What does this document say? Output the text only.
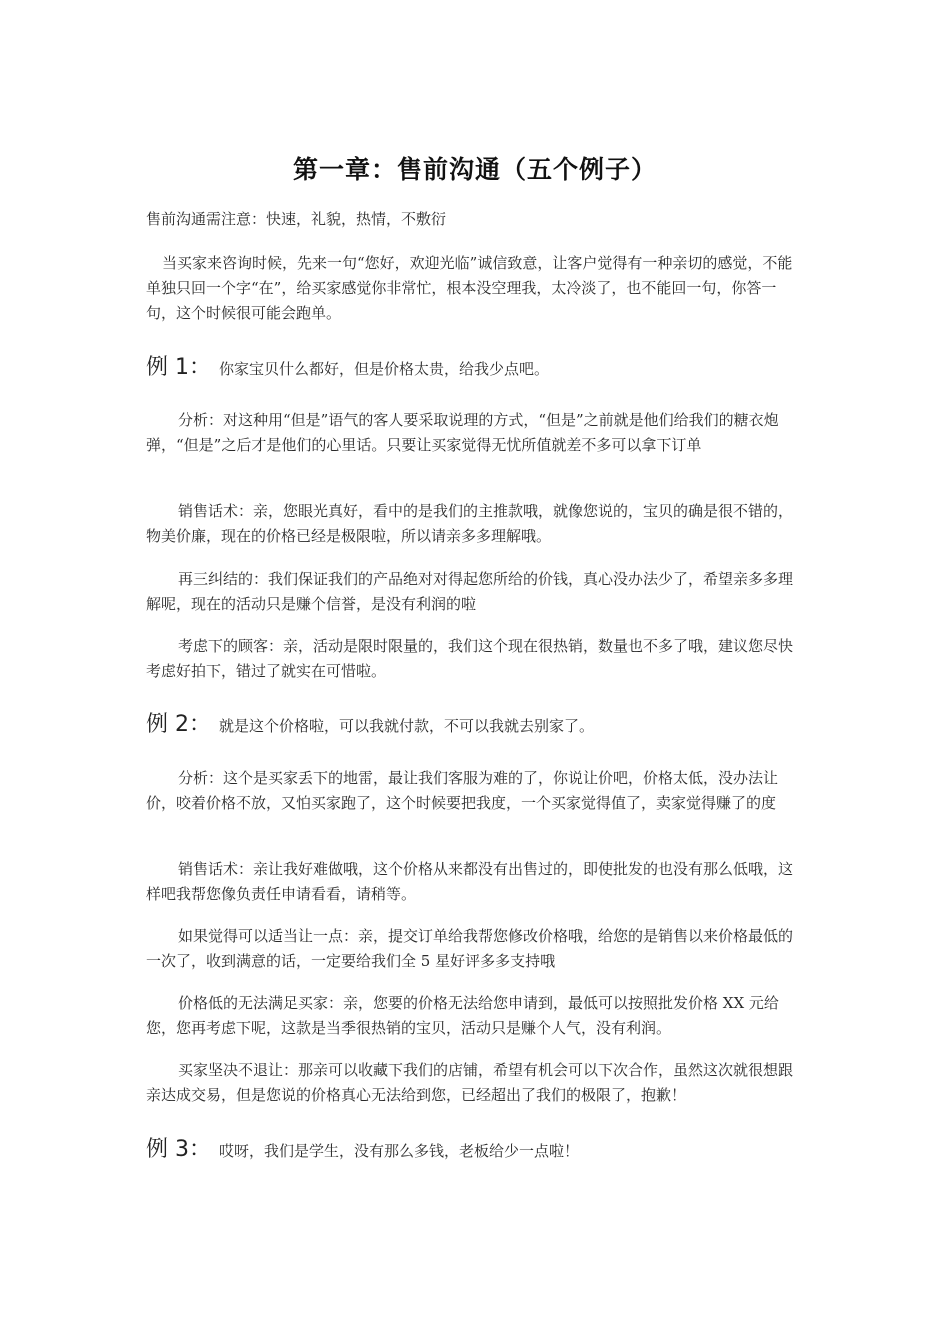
第一章：售前沟通（五个例子）
售前沟通需注意：快速，礼貌，热情，不敷衍
当买家来咨询时候，先来一句“您好，欢迎光临”诚信致意，让客户觉得有一种亲切的感觉，不能单独只回一个字“在”，给买家感觉你非常忙，根本没空理我，太冷淡了，也不能回一句，你答一句，这个时候很可能会跑单。
例 1： 你家宝贝什么都好，但是价格太贵，给我少点吧。
分析：对这种用“但是”语气的客人要采取说理的方式，“但是”之前就是他们给我们的糖衣炮弹，“但是”之后才是他们的心里话。只要让买家觉得无忧所值就差不多可以拿下订单
销售话术：亲，您眼光真好，看中的是我们的主推款哦，就像您说的，宝贝的确是很不错的，物美价廉，现在的价格已经是极限啦，所以请亲多多理解哦。
再三纠结的：我们保证我们的产品绝对对得起您所给的价钱，真心没办法少了，希望亲多多理解呢，现在的活动只是赚个信誉，是没有利润的啦
考虑下的顾客：亲，活动是限时限量的，我们这个现在很热销，数量也不多了哦，建议您尽快考虑好拍下，错过了就实在可惜啦。
例 2： 就是这个价格啦，可以我就付款，不可以我就去别家了。
分析：这个是买家丢下的地雷，最让我们客服为难的了，你说让价吧，价格太低，没办法让价，咬着价格不放，又怕买家跑了，这个时候要把我度，一个买家觉得值了，卖家觉得赚了的度
销售话术：亲让我好难做哦，这个价格从来都没有出售过的，即使批发的也没有那么低哦，这样吧我帮您像负责任申请看看，请稍等。
如果觉得可以适当让一点：亲，提交订单给我帮您修改价格哦，给您的是销售以来价格最低的一次了，收到满意的话，一定要给我们全 5 星好评多多支持哦
价格低的无法满足买家：亲，您要的价格无法给您申请到，最低可以按照批发价格 XX 元给您，您再考虑下呢，这款是当季很热销的宝贝，活动只是赚个人气，没有利润。
买家坚决不退让：那亲可以收藏下我们的店铺，希望有机会可以下次合作，虽然这次就很想跟亲达成交易，但是您说的价格真心无法给到您，已经超出了我们的极限了，抱歉！
例 3： 哎呀，我们是学生，没有那么多钱，老板给少一点啦！
